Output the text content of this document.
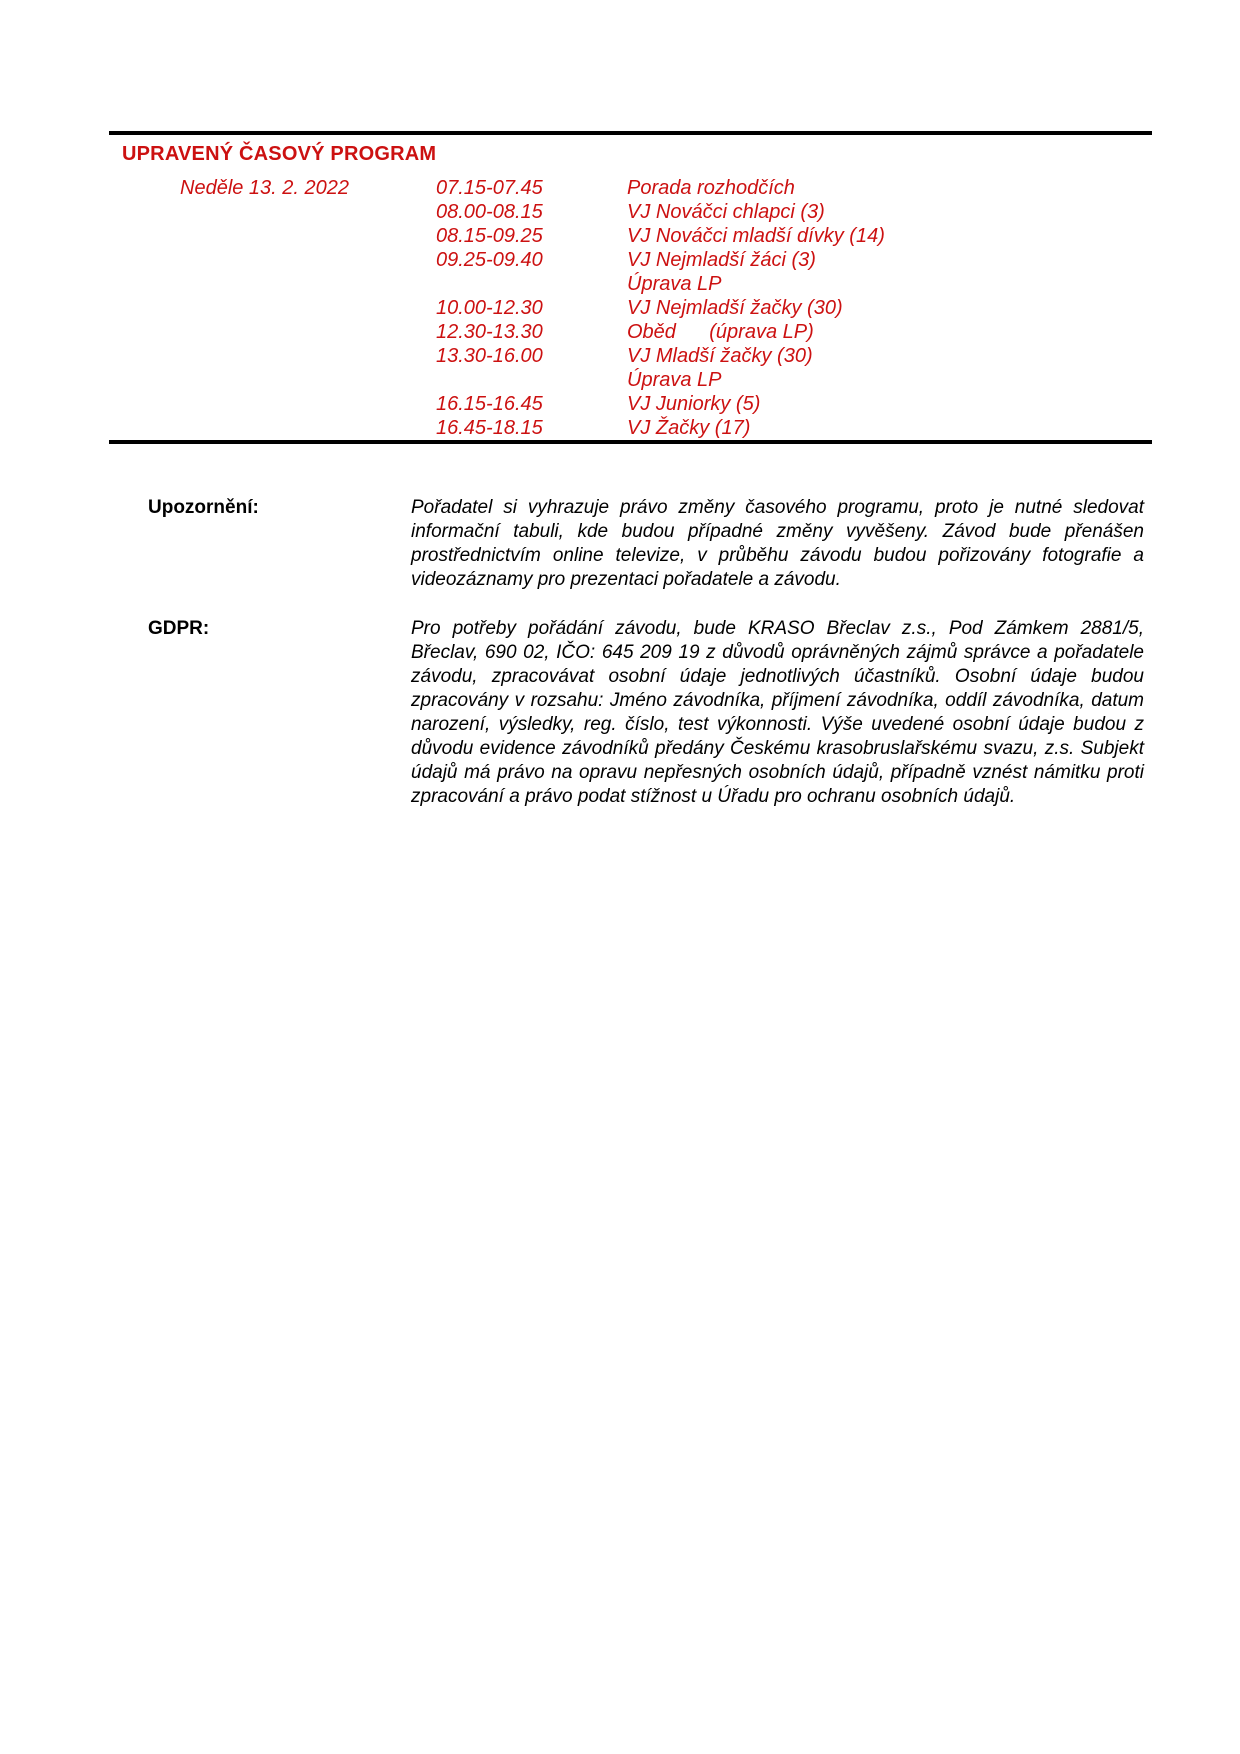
UPRAVENÝ ČASOVÝ PROGRAM
Neděle 13. 2. 2022	07.15-07.45	Porada rozhodčích
08.00-08.15	VJ Nováčci chlapci (3)
08.15-09.25	VJ Nováčci mladší dívky (14)
09.25-09.40	VJ Nejmladší žáci (3)
Úprava LP
10.00-12.30	VJ Nejmladší žačky (30)
12.30-13.30	Oběd      (úprava LP)
13.30-16.00	VJ Mladší žačky (30)
Úprava LP
16.15-16.45	VJ Juniorky (5)
16.45-18.15	VJ Žačky (17)
Upozornění:	Pořadatel si vyhrazuje právo změny časového programu, proto je nutné sledovat informační tabuli, kde budou případné změny vyvěšeny. Závod bude přenášen prostřednictvím online televize, v průběhu závodu budou pořizovány fotografie a videozáznamy pro prezentaci pořadatele a závodu.

GDPR:	Pro potřeby pořádání závodu, bude KRASO Břeclav z.s., Pod Zámkem 2881/5, Břeclav, 690 02, IČO: 645 209 19 z důvodů oprávněných zájmů správce a pořadatele závodu, zpracovávat osobní údaje jednotlivých účastníků. Osobní údaje budou zpracovány v rozsahu: Jméno závodníka, příjmení závodníka, oddíl závodníka, datum narození, výsledky, reg. číslo, test výkonnosti. Výše uvedené osobní údaje budou z důvodu evidence závodníků předány Českému krasobruslařskému svazu, z.s. Subjekt údajů má právo na opravu nepřesných osobních údajů, případně vznést námitku proti zpracování a právo podat stížnost u Úřadu pro ochranu osobních údajů.
